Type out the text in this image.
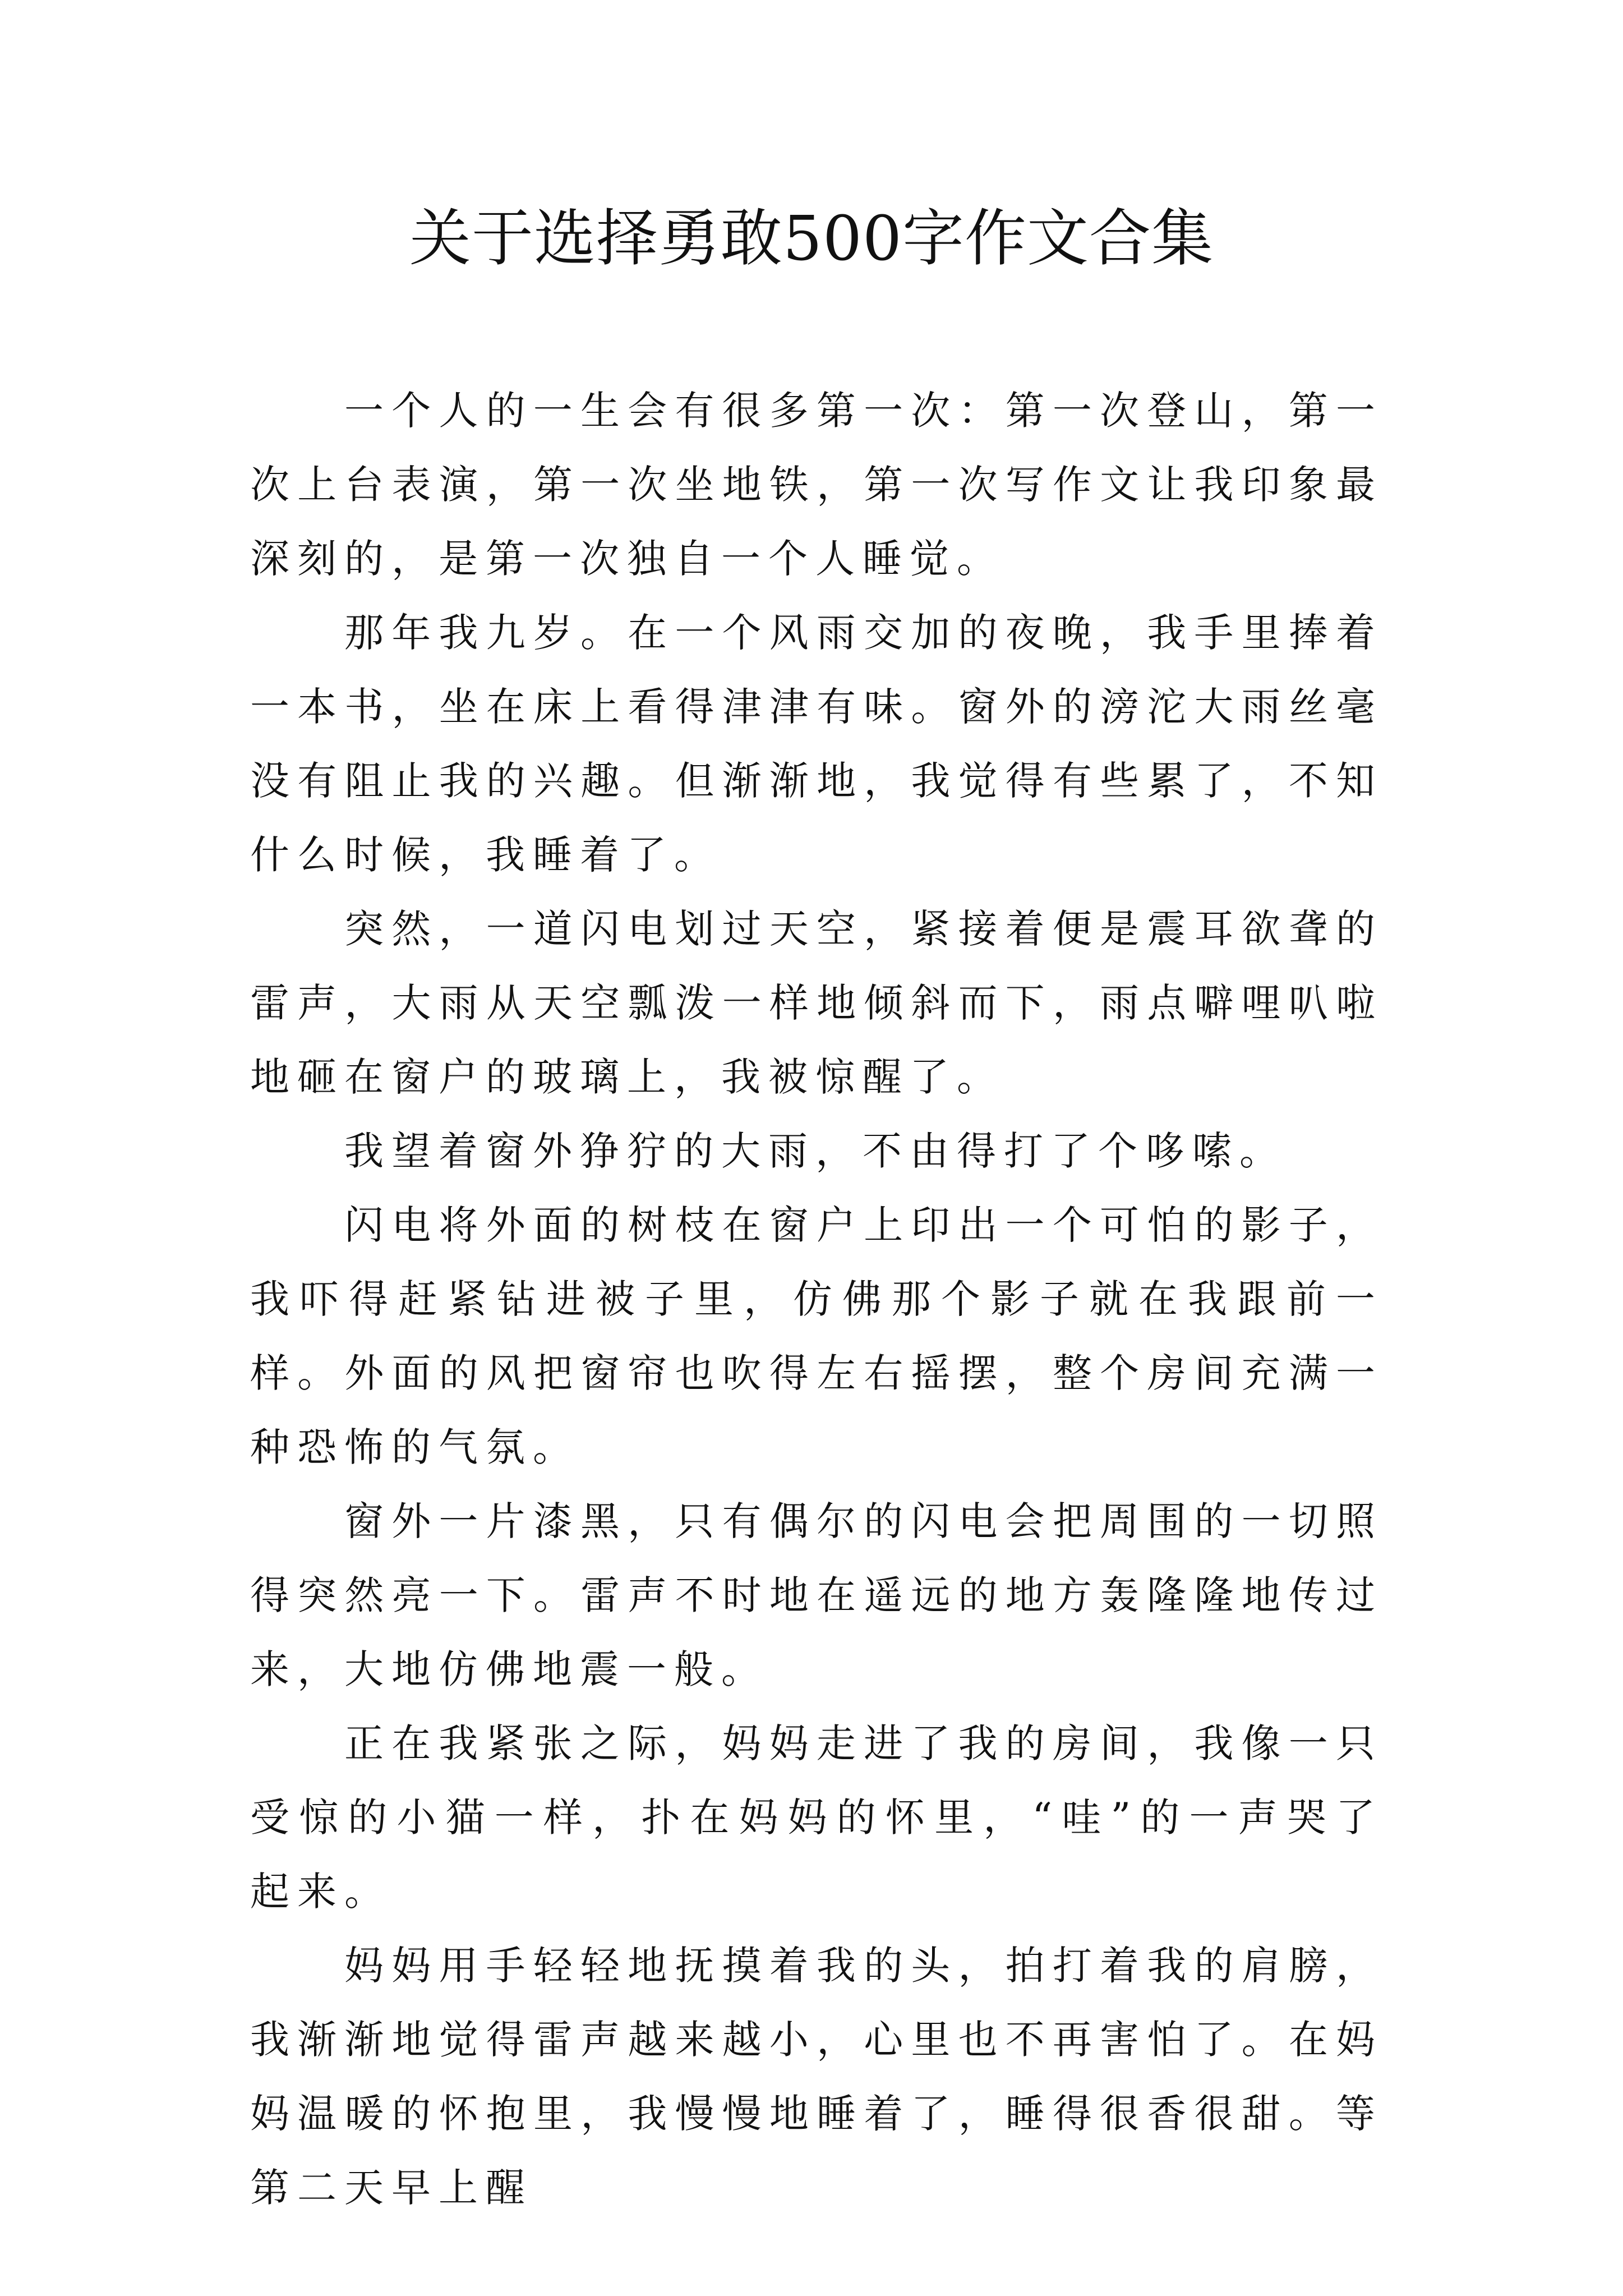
关于选择勇敢500字作文合集

一个人的一生会有很多第一次：第一次登山，第一次上台表演，第一次坐地铁，第一次写作文让我印象最深刻的，是第一次独自一个人睡觉。

那年我九岁。在一个风雨交加的夜晚，我手里捧着一本书，坐在床上看得津津有味。窗外的滂沱大雨丝毫没有阻止我的兴趣。但渐渐地，我觉得有些累了，不知什么时候，我睡着了。

突然，一道闪电划过天空，紧接着便是震耳欲聋的雷声，大雨从天空瓢泼一样地倾斜而下，雨点噼哩叭啦地砸在窗户的玻璃上，我被惊醒了。

我望着窗外狰狞的大雨，不由得打了个哆嗦。

闪电将外面的树枝在窗户上印出一个可怕的影子，我吓得赶紧钻进被子里，仿佛那个影子就在我跟前一样。外面的风把窗帘也吹得左右摇摆，整个房间充满一种恐怖的气氛。

窗外一片漆黑，只有偶尔的闪电会把周围的一切照得突然亮一下。雷声不时地在遥远的地方轰隆隆地传过来，大地仿佛地震一般。

正在我紧张之际，妈妈走进了我的房间，我像一只受惊的小猫一样，扑在妈妈的怀里，“哇”的一声哭了起来。

妈妈用手轻轻地抚摸着我的头，拍打着我的肩膀，我渐渐地觉得雷声越来越小，心里也不再害怕了。在妈妈温暖的怀抱里，我慢慢地睡着了，睡得很香很甜。等第二天早上醒
